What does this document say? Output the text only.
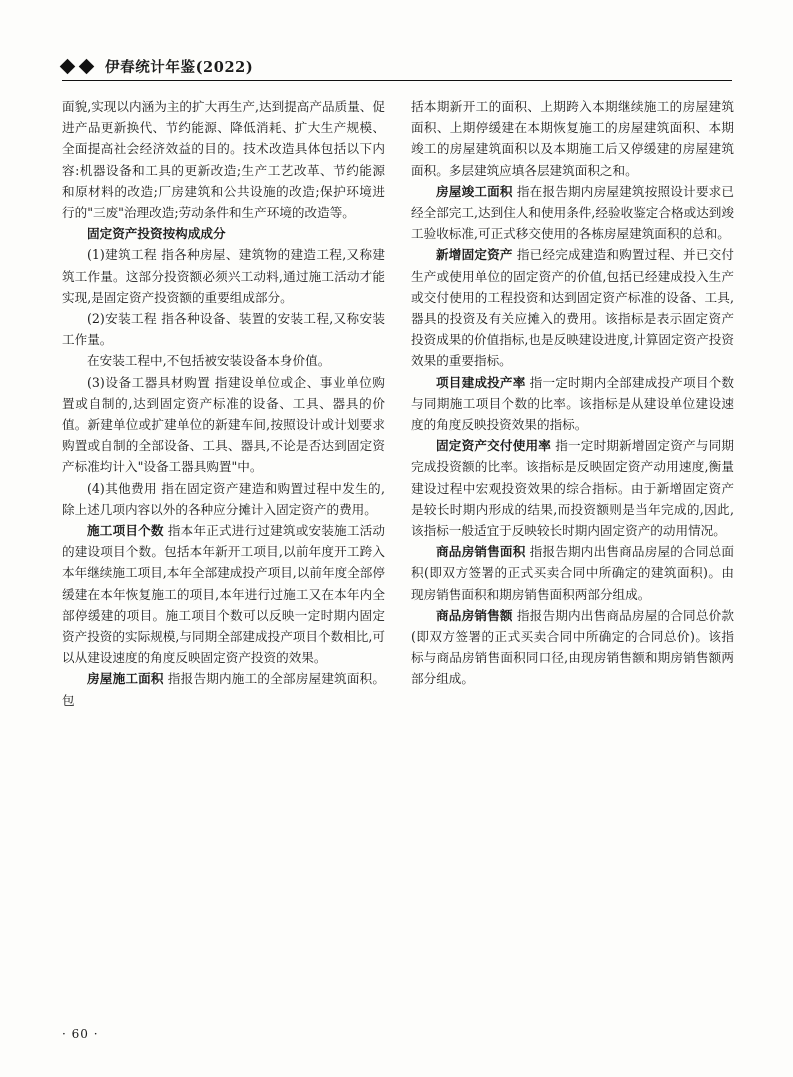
伊春统计年鉴(2022)

面貌,实现以内涵为主的扩大再生产,达到提高产品质量、促进产品更新换代、节约能源、降低消耗、扩大生产规模、全面提高社会经济效益的目的。技术改造具体包括以下内容:机器设备和工具的更新改造;生产工艺改革、节约能源和原材料的改造;厂房建筑和公共设施的改造;保护环境进行的"三废"治理改造;劳动条件和生产环境的改造等。

固定资产投资按构成成分

(1)建筑工程 指各种房屋、建筑物的建造工程,又称建筑工作量。这部分投资额必须兴工动料,通过施工活动才能实现,是固定资产投资额的重要组成部分。

(2)安装工程 指各种设备、装置的安装工程,又称安装工作量。

在安装工程中,不包括被安装设备本身价值。

(3)设备工器具材购置 指建设单位或企、事业单位购置或自制的,达到固定资产标准的设备、工具、器具的价值。新建单位或扩建单位的新建车间,按照设计或计划要求购置或自制的全部设备、工具、器具,不论是否达到固定资产标准均计入"设备工器具购置"中。

(4)其他费用 指在固定资产建造和购置过程中发生的,除上述几项内容以外的各种应分摊计入固定资产的费用。

施工项目个数 指本年正式进行过建筑或安装施工活动的建设项目个数。包括本年新开工项目,以前年度开工跨入本年继续施工项目,本年全部建成投产项目,以前年度全部停缓建在本年恢复施工的项目,本年进行过施工又在本年内全部停缓建的项目。施工项目个数可以反映一定时期内固定资产投资的实际规模,与同期全部建成投产项目个数相比,可以从建设速度的角度反映固定资产投资的效果。

房屋施工面积 指报告期内施工的全部房屋建筑面积。包

括本期新开工的面积、上期跨入本期继续施工的房屋建筑面积、上期停缓建在本期恢复施工的房屋建筑面积、本期竣工的房屋建筑面积以及本期施工后又停缓建的房屋建筑面积。多层建筑应填各层建筑面积之和。

房屋竣工面积 指在报告期内房屋建筑按照设计要求已经全部完工,达到住人和使用条件,经验收鉴定合格或达到竣工验收标准,可正式移交使用的各栋房屋建筑面积的总和。

新增固定资产 指已经完成建造和购置过程、并已交付生产或使用单位的固定资产的价值,包括已经建成投入生产或交付使用的工程投资和达到固定资产标准的设备、工具,器具的投资及有关应摊入的费用。该指标是表示固定资产投资成果的价值指标,也是反映建设进度,计算固定资产投资效果的重要指标。

项目建成投产率 指一定时期内全部建成投产项目个数与同期施工项目个数的比率。该指标是从建设单位建设速度的角度反映投资效果的指标。

固定资产交付使用率 指一定时期新增固定资产与同期完成投资额的比率。该指标是反映固定资产动用速度,衡量建设过程中宏观投资效果的综合指标。由于新增固定资产是较长时期内形成的结果,而投资额则是当年完成的,因此,该指标一般适宜于反映较长时期内固定资产的动用情况。

商品房销售面积 指报告期内出售商品房屋的合同总面积(即双方签署的正式买卖合同中所确定的建筑面积)。由现房销售面积和期房销售面积两部分组成。

商品房销售额 指报告期内出售商品房屋的合同总价款(即双方签署的正式买卖合同中所确定的合同总价)。该指标与商品房销售面积同口径,由现房销售额和期房销售额两部分组成。

· 60 ·
